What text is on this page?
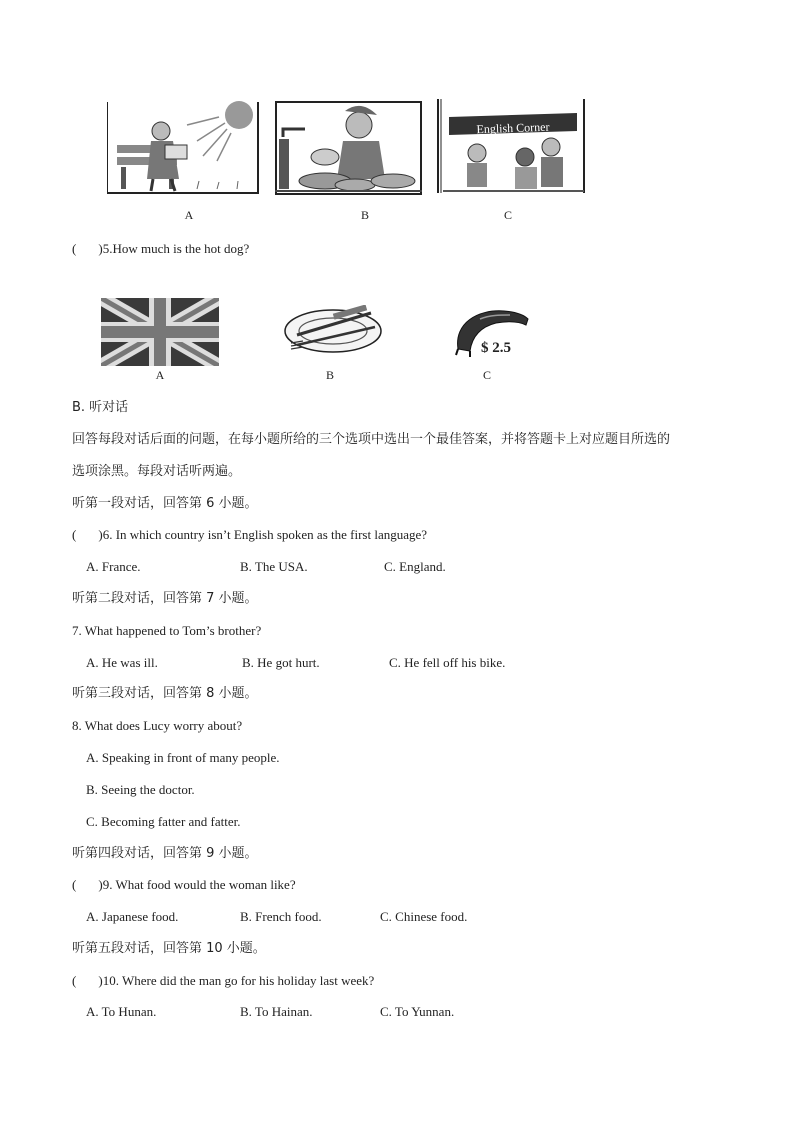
English Corner
A	B	C
( )5.How much is the hot dog?
$ 2.5
A	B	C
B. 听对话
回答每段对话后面的问题，在每小题所给的三个选项中选出一个最佳答案，并将答题卡上对应题目所选的
选项涂黑。每段对话听两遍。
听第一段对话，回答第 6 小题。
( )6. In which country isn’t English spoken as the first language?
A. France.	B. The USA.	C. England.
听第二段对话，回答第 7 小题。
7. What happened to Tom’s brother?
A. He was ill.	B. He got hurt.	C. He fell off his bike.
听第三段对话，回答第 8 小题。
8. What does Lucy worry about?
A. Speaking in front of many people.
B. Seeing the doctor.
C. Becoming fatter and fatter.
听第四段对话，回答第 9 小题。
( )9. What food would the woman like?
A. Japanese food.	B. French food.	C. Chinese food.
听第五段对话，回答第 10 小题。
( )10. Where did the man go for his holiday last week?
A. To Hunan.	B. To Hainan.	C. To Yunnan.
